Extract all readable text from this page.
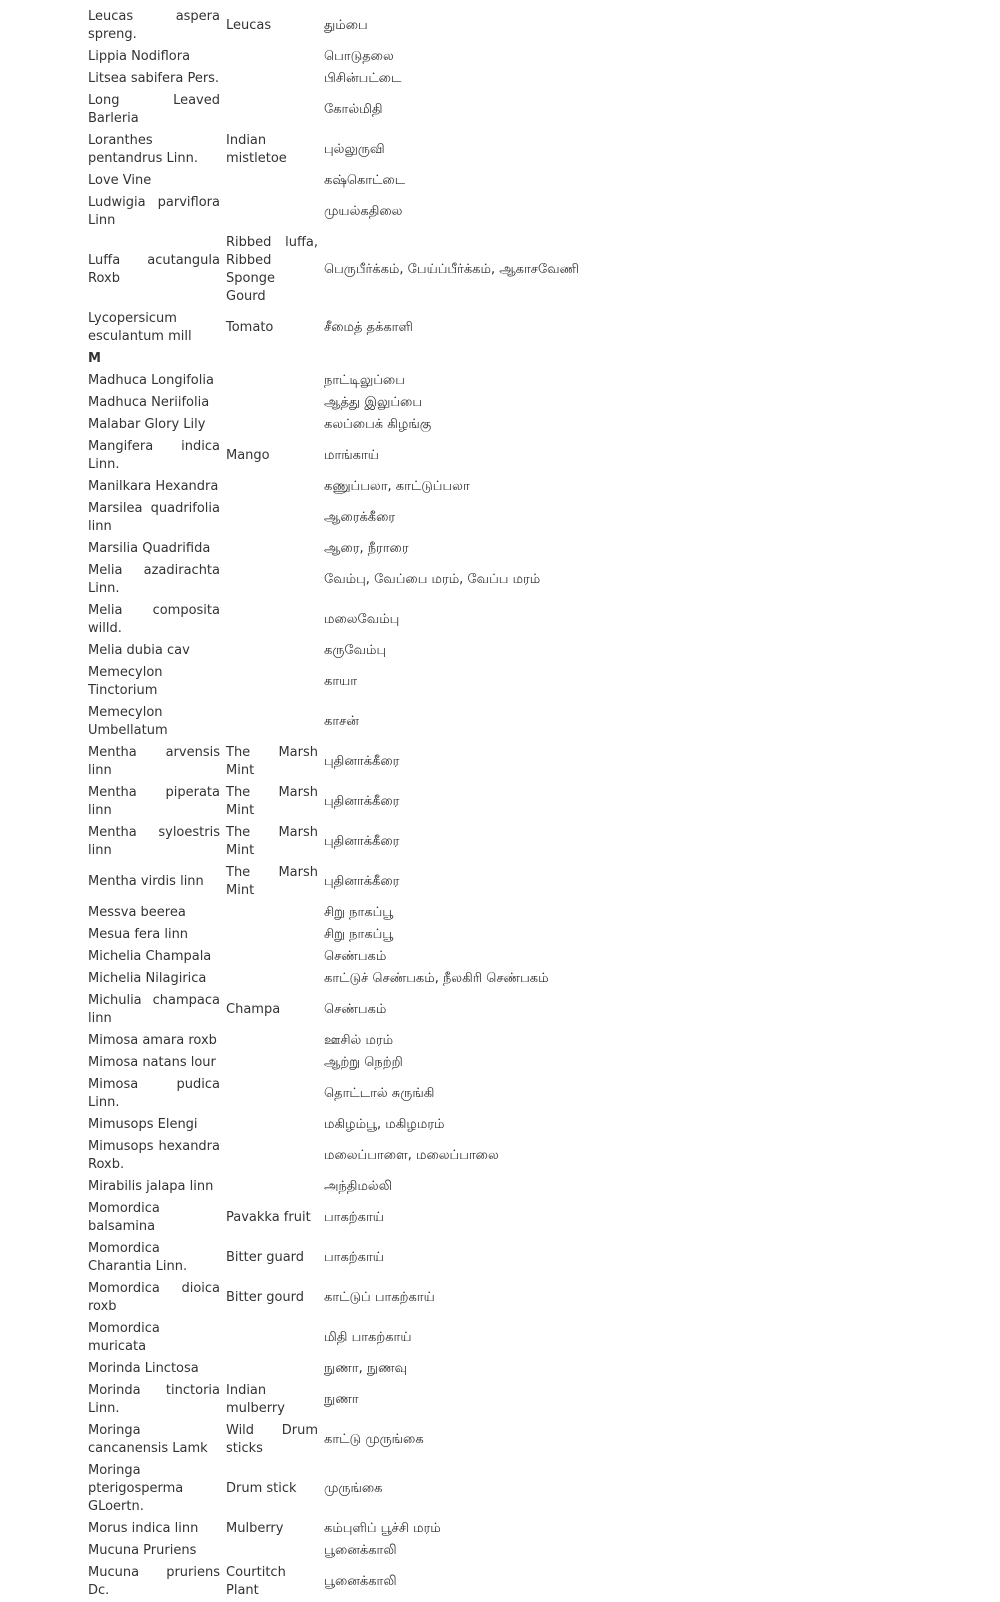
Leucas aspera spreng.	Leucas	தும்பை
Lippia Nodiflora		பொடுதலை
Litsea sabifera Pers.		பிசின்பட்டை
Long Leaved Barleria		கோல்மிதி
Loranthes pentandrus Linn.	Indian mistletoe	புல்லுருவி
Love Vine		கஷ்கொட்டை
Ludwigia parviflora Linn		முயல்கதிலை
Luffa acutangula Roxb	Ribbed luffa, Ribbed Sponge Gourd	பெருபீர்க்கம், பேய்ப்பீர்க்கம், ஆகாசவேணி
Lycopersicum esculantum mill	Tomato	சீமைத் தக்காளி
M		
Madhuca Longifolia		நாட்டிலுப்பை
Madhuca Neriifolia		ஆத்து இலுப்பை
Malabar Glory Lily		கலப்பைக் கிழங்கு
Mangifera indica Linn.	Mango	மாங்காய்
Manilkara Hexandra		கணுப்பலா, காட்டுப்பலா
Marsilea quadrifolia linn		ஆரைக்கீரை
Marsilia Quadrifida		ஆரை, நீராரை
Melia azadirachta Linn.		வேம்பு, வேப்பை மரம், வேப்ப மரம்
Melia composita willd.		மலைவேம்பு
Melia dubia cav		கருவேம்பு
Memecylon Tinctorium		காயா
Memecylon Umbellatum		காசன்
Mentha arvensis linn	The Marsh Mint	புதினாக்கீரை
Mentha piperata linn	The Marsh Mint	புதினாக்கீரை
Mentha syloestris linn	The Marsh Mint	புதினாக்கீரை
Mentha virdis linn	The Marsh Mint	புதினாக்கீரை
Messva beerea		சிறு நாகப்பூ
Mesua fera linn		சிறு நாகப்பூ
Michelia Champala		செண்பகம்
Michelia Nilagirica		காட்டுச் செண்பகம், நீலகிரி செண்பகம்
Michulia champaca linn	Champa	செண்பகம்
Mimosa amara roxb		ஊசில் மரம்
Mimosa natans lour		ஆற்று நெற்றி
Mimosa pudica Linn.		தொட்டால் சுருங்கி
Mimusops Elengi		மகிழம்பூ, மகிழமரம்
Mimusops hexandra Roxb.		மலைப்பாளை, மலைப்பாலை
Mirabilis jalapa linn		அந்திமல்லி
Momordica balsamina	Pavakka fruit	பாகற்காய்
Momordica Charantia Linn.	Bitter guard	பாகற்காய்
Momordica dioica roxb	Bitter gourd	காட்டுப் பாகற்காய்
Momordica muricata		மிதி பாகற்காய்
Morinda Linctosa		நுணா, நுணவு
Morinda tinctoria Linn.	Indian mulberry	நுணா
Moringa cancanensis Lamk	Wild Drum sticks	காட்டு முருங்கை
Moringa pterigosperma GLoertn.	Drum stick	முருங்கை
Morus indica linn	Mulberry	கம்புளிப் பூச்சி மரம்
Mucuna Pruriens		பூனைக்காலி
Mucuna pruriens Dc.	Courtitch Plant	பூனைக்காலி
